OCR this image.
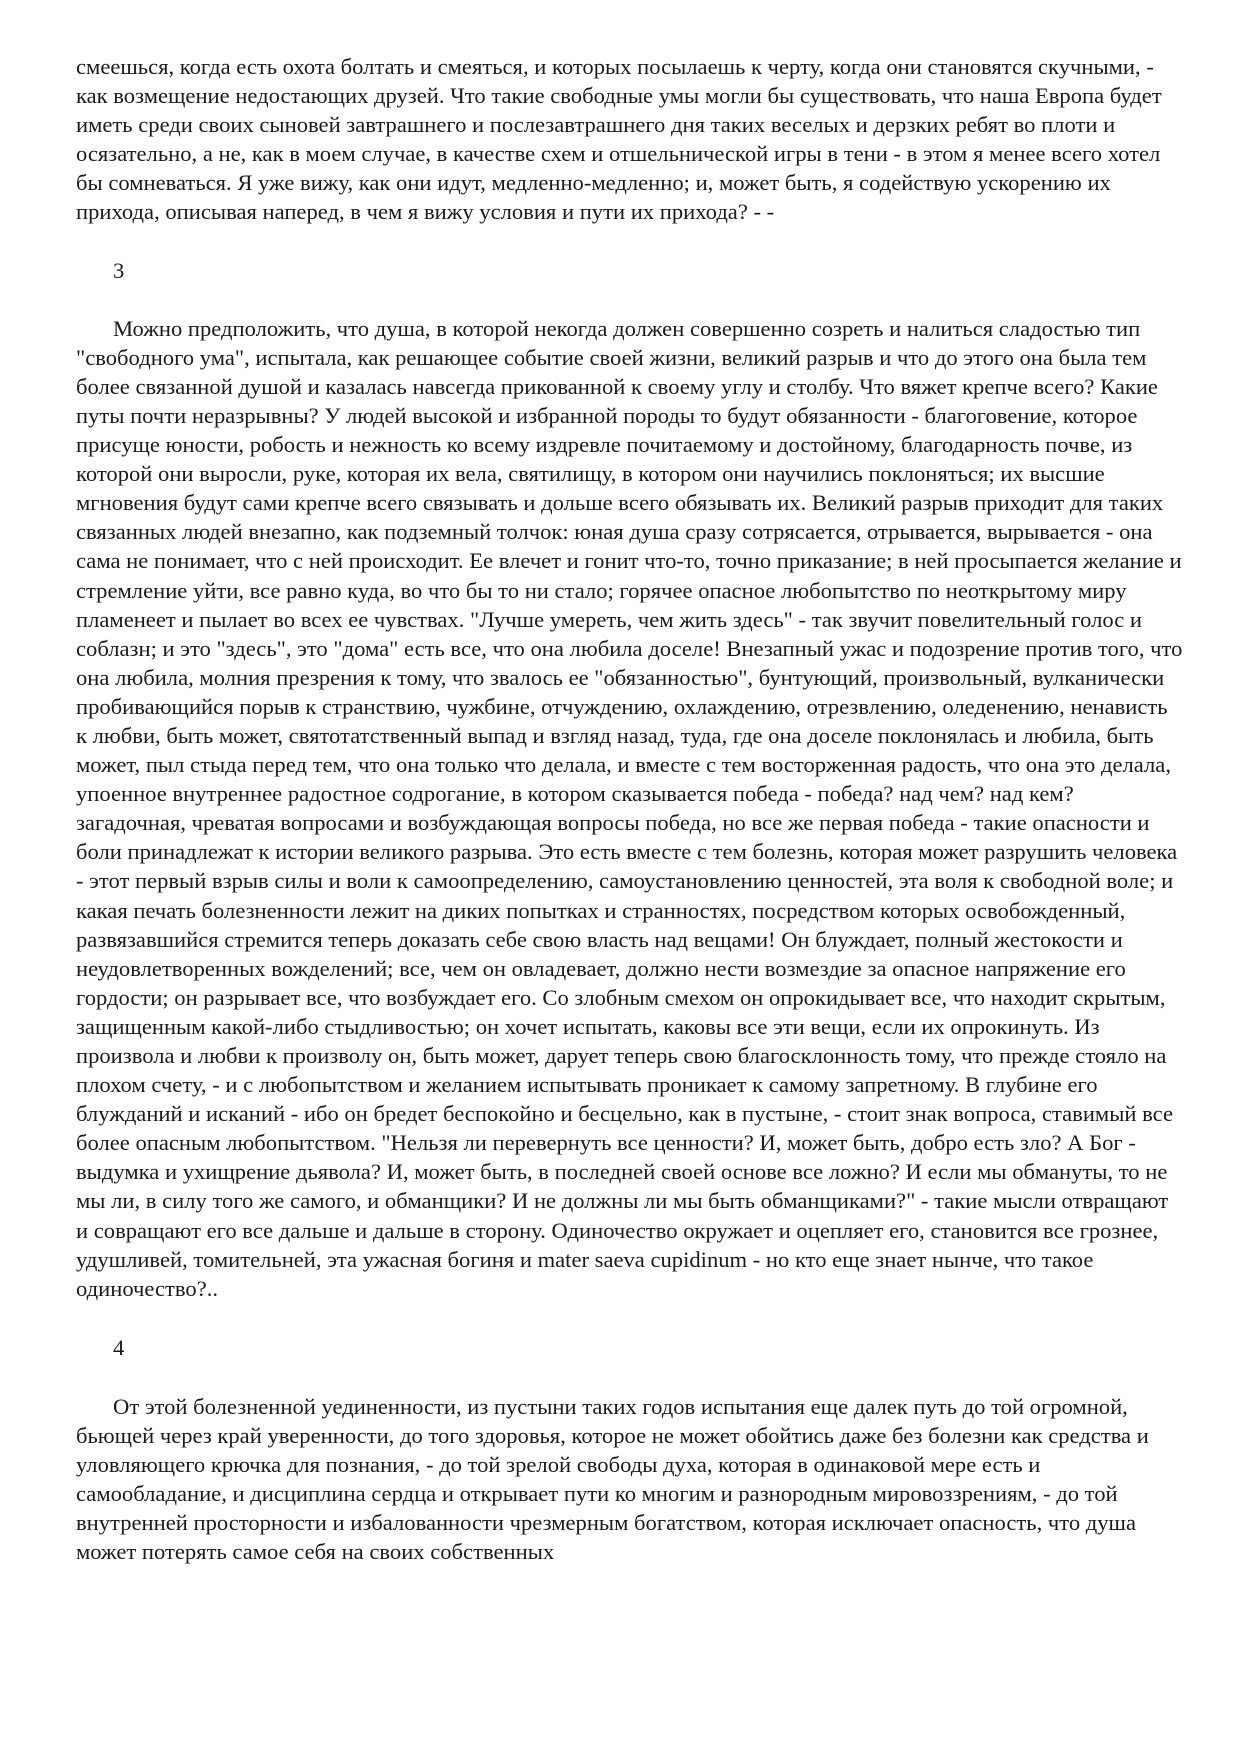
смеешься, когда есть охота болтать и смеяться, и которых посылаешь к черту, когда они становятся скучными, - как возмещение недостающих друзей. Что такие свободные умы могли бы существовать, что наша Европа будет иметь среди своих сыновей завтрашнего и послезавтрашнего дня таких веселых и дерзких ребят во плоти и осязательно, а не, как в моем случае, в качестве схем и отшельнической игры в тени - в этом я менее всего хотел бы сомневаться. Я уже вижу, как они идут, медленно-медленно; и, может быть, я содействую ускорению их прихода, описывая наперед, в чем я вижу условия и пути их прихода? - -

3

Можно предположить, что душа, в которой некогда должен совершенно созреть и налиться сладостью тип "свободного ума", испытала, как решающее событие своей жизни, великий разрыв и что до этого она была тем более связанной душой и казалась навсегда прикованной к своему углу и столбу. Что вяжет крепче всего? Какие путы почти неразрывны? У людей высокой и избранной породы то будут обязанности - благоговение, которое присуще юности, робость и нежность ко всему издревле почитаемому и достойному, благодарность почве, из которой они выросли, руке, которая их вела, святилищу, в котором они научились поклоняться; их высшие мгновения будут сами крепче всего связывать и дольше всего обязывать их. Великий разрыв приходит для таких связанных людей внезапно, как подземный толчок: юная душа сразу сотрясается, отрывается, вырывается - она сама не понимает, что с ней происходит. Ее влечет и гонит что-то, точно приказание; в ней просыпается желание и стремление уйти, все равно куда, во что бы то ни стало; горячее опасное любопытство по неоткрытому миру пламенеет и пылает во всех ее чувствах. "Лучше умереть, чем жить здесь" - так звучит повелительный голос и соблазн; и это "здесь", это "дома" есть все, что она любила доселе! Внезапный ужас и подозрение против того, что она любила, молния презрения к тому, что звалось ее "обязанностью", бунтующий, произвольный, вулканически пробивающийся порыв к странствию, чужбине, отчуждению, охлаждению, отрезвлению, оледенению, ненависть к любви, быть может, святотатственный выпад и взгляд назад, туда, где она доселе поклонялась и любила, быть может, пыл стыда перед тем, что она только что делала, и вместе с тем восторженная радость, что она это делала, упоенное внутреннее радостное содрогание, в котором сказывается победа - победа? над чем? над кем? загадочная, чреватая вопросами и возбуждающая вопросы победа, но все же первая победа - такие опасности и боли принадлежат к истории великого разрыва. Это есть вместе с тем болезнь, которая может разрушить человека - этот первый взрыв силы и воли к самоопределению, самоустановлению ценностей, эта воля к свободной воле; и какая печать болезненности лежит на диких попытках и странностях, посредством которых освобожденный, развязавшийся стремится теперь доказать себе свою власть над вещами! Он блуждает, полный жестокости и неудовлетворенных вожделений; все, чем он овладевает, должно нести возмездие за опасное напряжение его гордости; он разрывает все, что возбуждает его. Со злобным смехом он опрокидывает все, что находит скрытым, защищенным какой-либо стыдливостью; он хочет испытать, каковы все эти вещи, если их опрокинуть. Из произвола и любви к произволу он, быть может, дарует теперь свою благосклонность тому, что прежде стояло на плохом счету, - и с любопытством и желанием испытывать проникает к самому запретному. В глубине его блужданий и исканий - ибо он бредет беспокойно и бесцельно, как в пустыне, - стоит знак вопроса, ставимый все более опасным любопытством. "Нельзя ли перевернуть все ценности? И, может быть, добро есть зло? А Бог - выдумка и ухищрение дьявола? И, может быть, в последней своей основе все ложно? И если мы обмануты, то не мы ли, в силу того же самого, и обманщики? И не должны ли мы быть обманщиками?" - такие мысли отвращают и совращают его все дальше и дальше в сторону. Одиночество окружает и оцепляет его, становится все грознее, удушливей, томительней, эта ужасная богиня и mater saeva cupidinum - но кто еще знает нынче, что такое одиночество?..

4

От этой болезненной уединенности, из пустыни таких годов испытания еще далек путь до той огромной, бьющей через край уверенности, до того здоровья, которое не может обойтись даже без болезни как средства и уловляющего крючка для познания, - до той зрелой свободы духа, которая в одинаковой мере есть и самообладание, и дисциплина сердца и открывает пути ко многим и разнородным мировоззрениям, - до той внутренней просторности и избалованности чрезмерным богатством, которая исключает опасность, что душа может потерять самое себя на своих собственных
